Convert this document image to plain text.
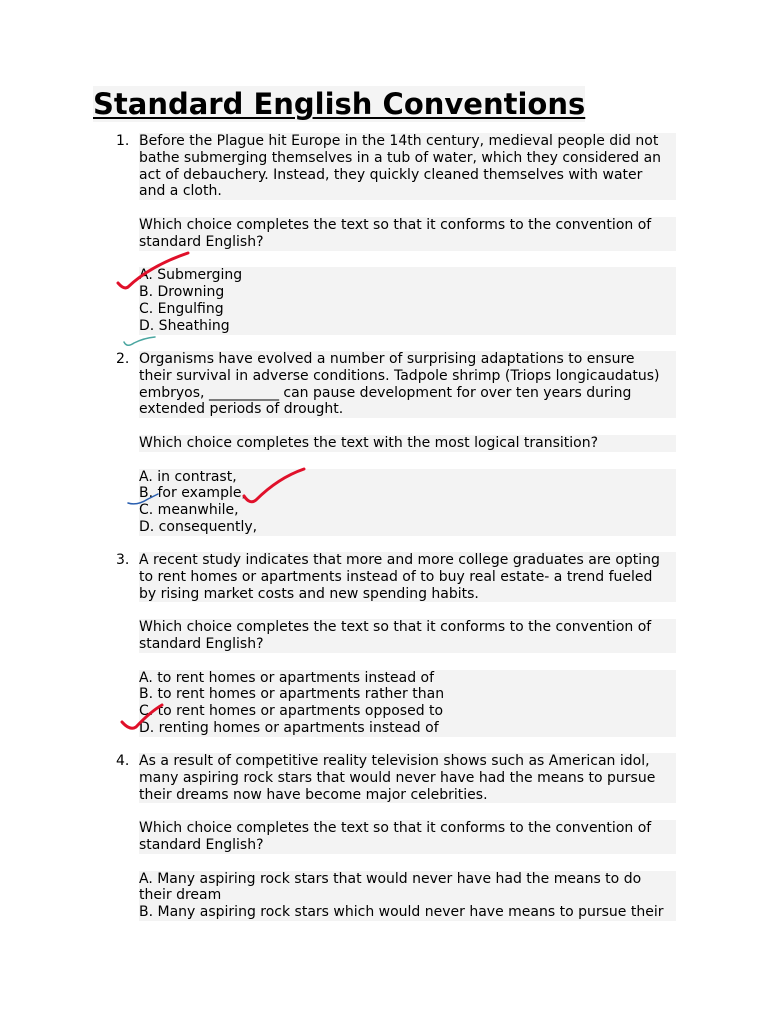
Standard English Conventions
1. Before the Plague hit Europe in the 14th century, medieval people did not

bathe submerging themselves in a tub of water, which they considered an

act of debauchery. Instead, they quickly cleaned themselves with water

and a cloth.

Which choice completes the text so that it conforms to the convention of

standard English?

A. Submerging

B. Drowning

C. Engulfing

D. Sheathing

2. Organisms have evolved a number of surprising adaptations to ensure

their survival in adverse conditions. Tadpole shrimp (Triops longicaudatus)

embryos, __________ can pause development for over ten years during

extended periods of drought.

Which choice completes the text with the most logical transition?

A. in contrast,

B. for example,

C. meanwhile,

D. consequently,

3. A recent study indicates that more and more college graduates are opting

to rent homes or apartments instead of to buy real estate- a trend fueled

by rising market costs and new spending habits.

Which choice completes the text so that it conforms to the convention of

standard English?

A. to rent homes or apartments instead of

B. to rent homes or apartments rather than

C. to rent homes or apartments opposed to

D. renting homes or apartments instead of

4. As a result of competitive reality television shows such as American idol,

many aspiring rock stars that would never have had the means to pursue

their dreams now have become major celebrities.

Which choice completes the text so that it conforms to the convention of

standard English?

A. Many aspiring rock stars that would never have had the means to do

their dream

B. Many aspiring rock stars which would never have means to pursue their
